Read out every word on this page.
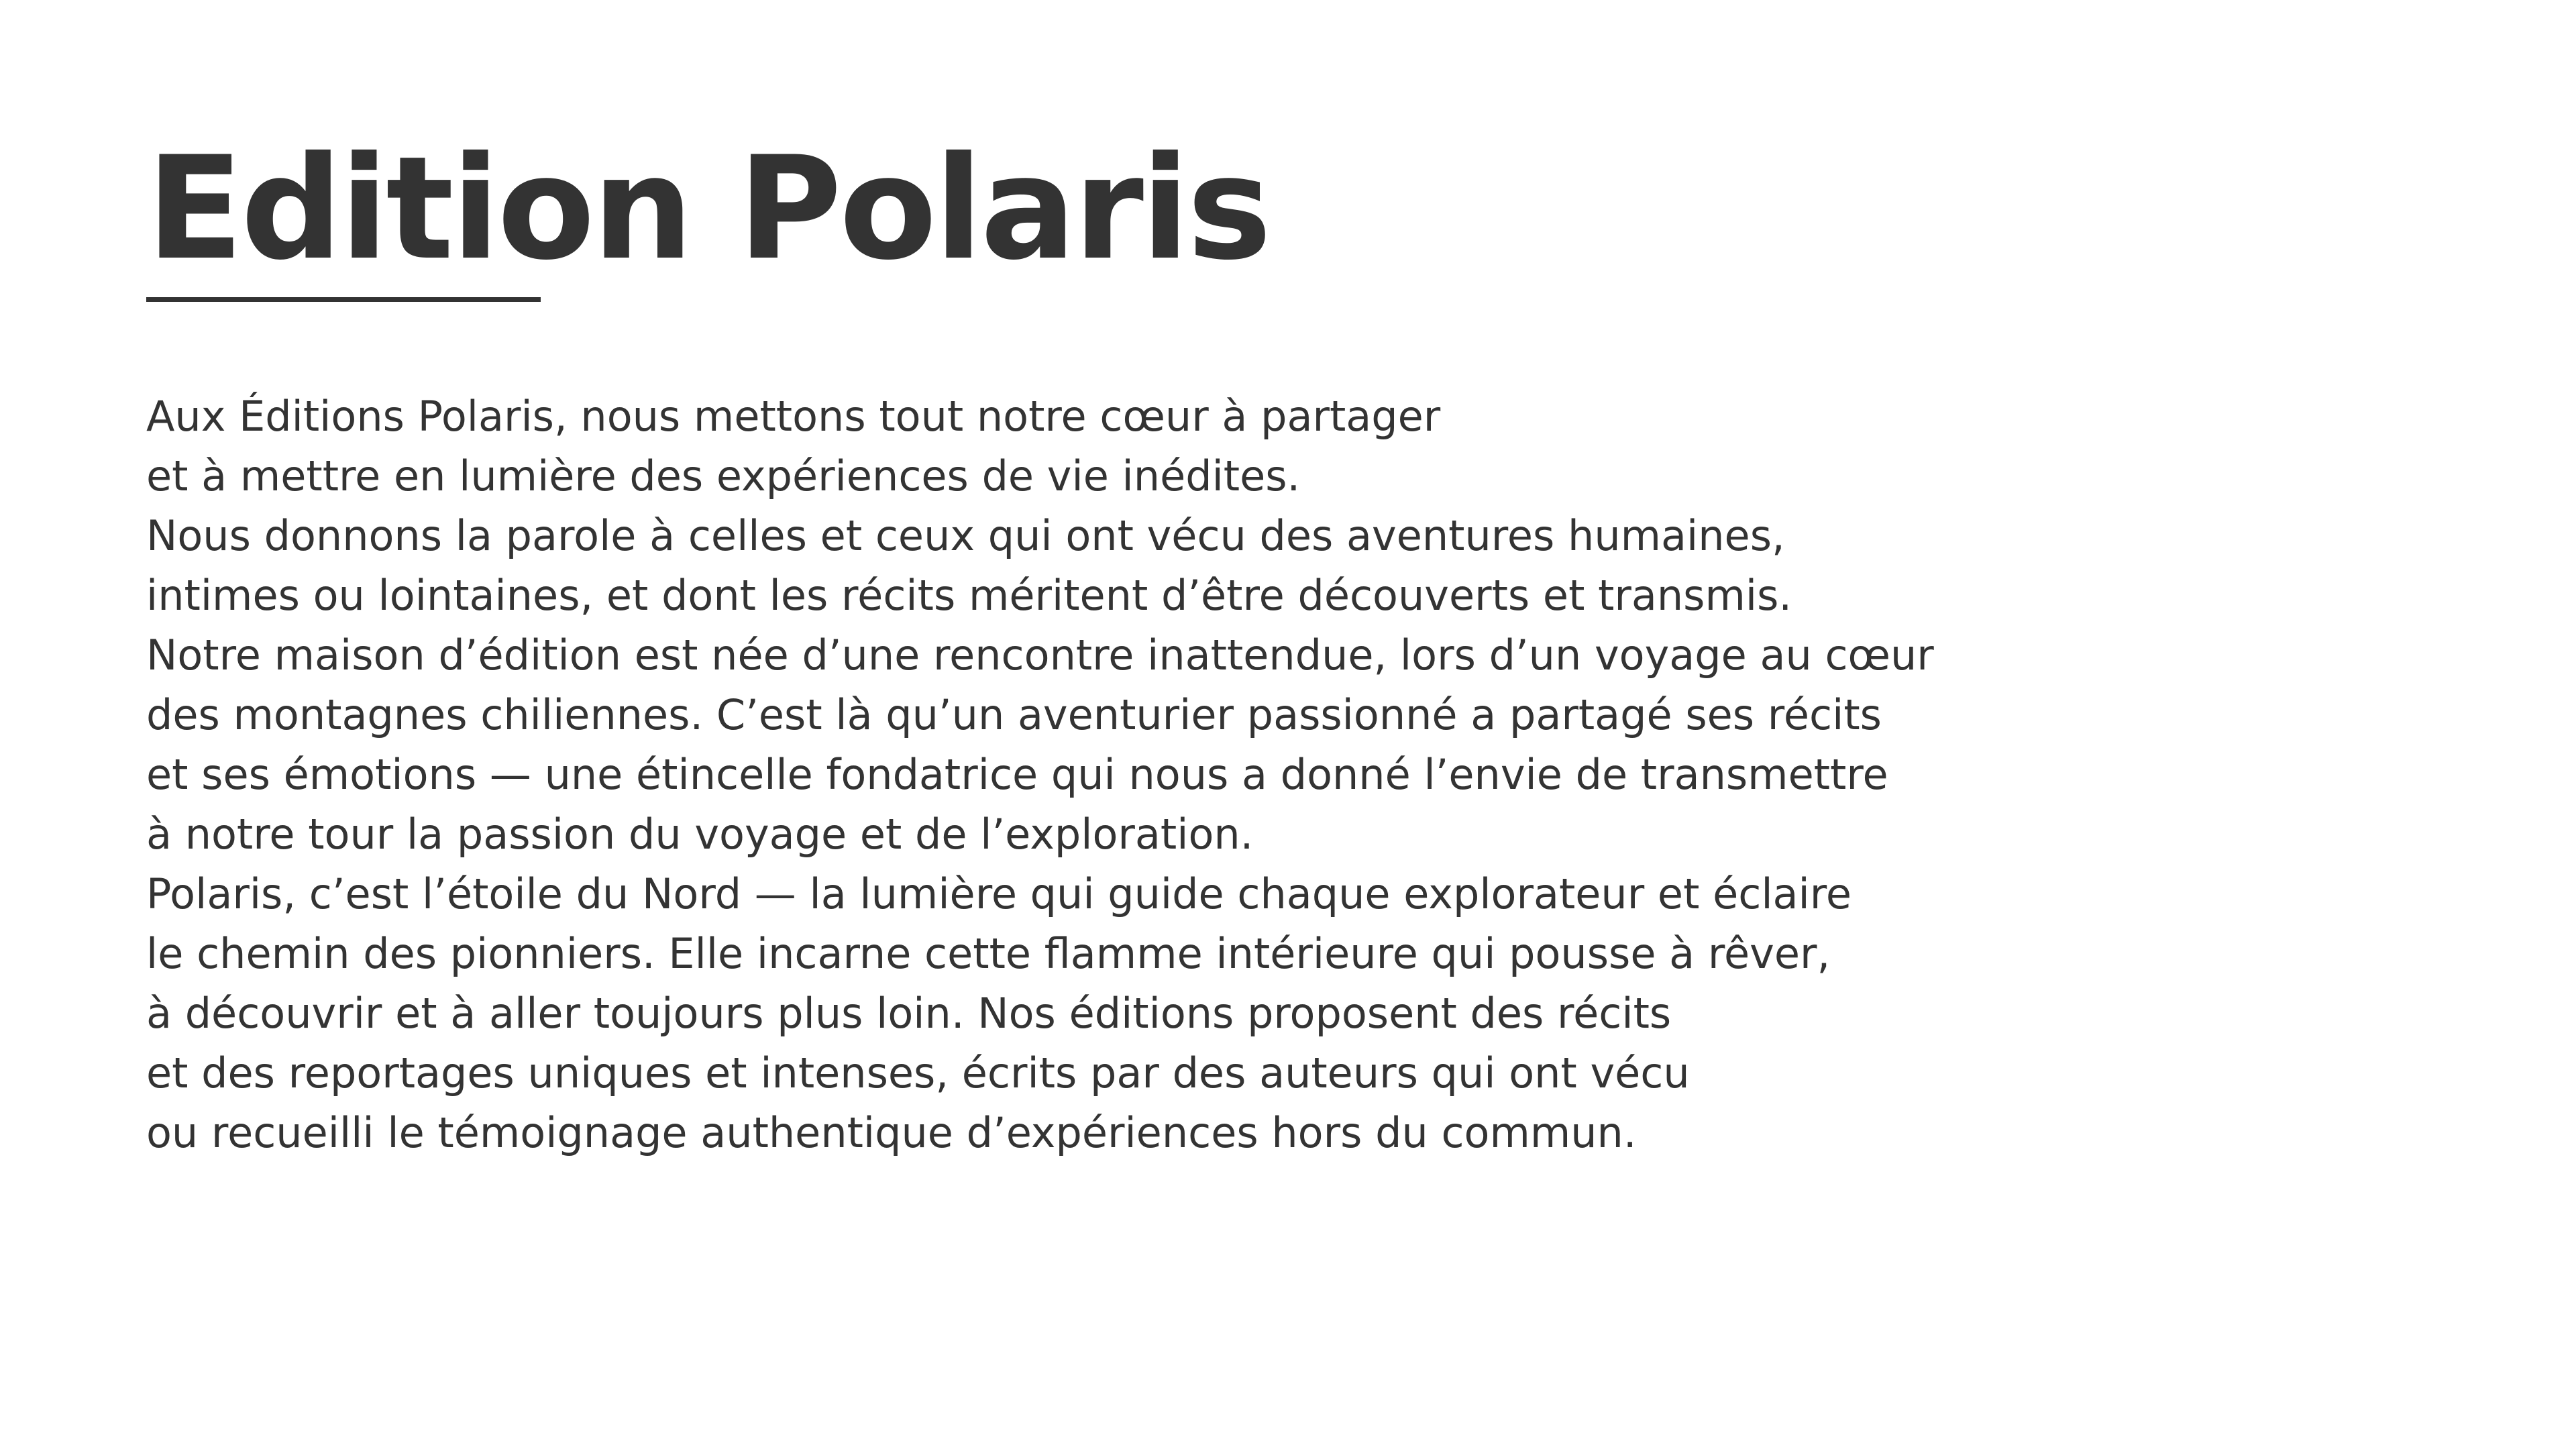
Edition Polaris

Aux Éditions Polaris, nous mettons tout notre cœur à partager
et à mettre en lumière des expériences de vie inédites.
Nous donnons la parole à celles et ceux qui ont vécu des aventures humaines,
intimes ou lointaines, et dont les récits méritent d’être découverts et transmis.
Notre maison d’édition est née d’une rencontre inattendue, lors d’un voyage au cœur
des montagnes chiliennes. C’est là qu’un aventurier passionné a partagé ses récits
et ses émotions — une étincelle fondatrice qui nous a donné l’envie de transmettre
à notre tour la passion du voyage et de l’exploration.
Polaris, c’est l’étoile du Nord — la lumière qui guide chaque explorateur et éclaire
le chemin des pionniers. Elle incarne cette flamme intérieure qui pousse à rêver,
à découvrir et à aller toujours plus loin. Nos éditions proposent des récits
et des reportages uniques et intenses, écrits par des auteurs qui ont vécu
ou recueilli le témoignage authentique d’expériences hors du commun.
